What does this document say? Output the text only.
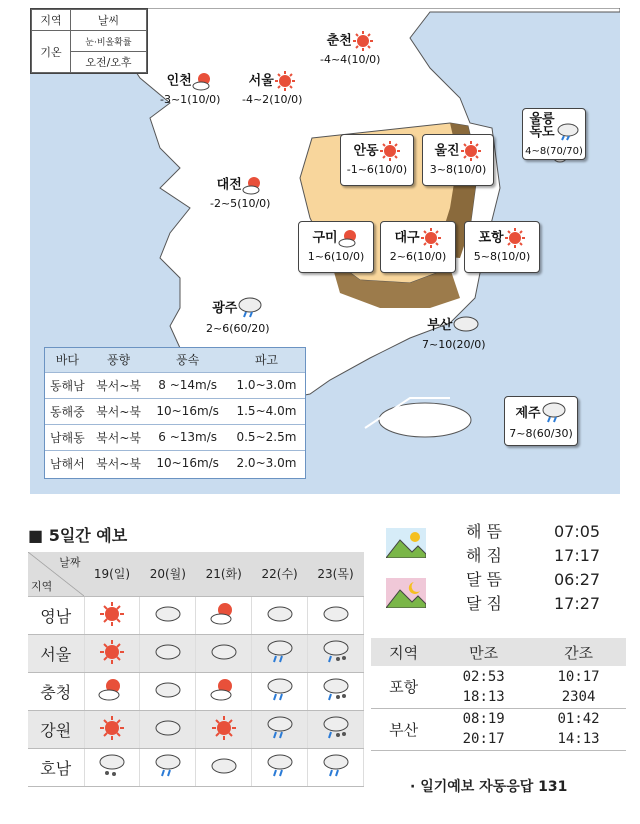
지역	날씨
기온	눈·비올확률
	오전/오후
춘천
-4~4(10/0)
인천
-3~1(10/0)
서울
-4~2(10/0)
울릉독도
4~8(70/70)
안동
-1~6(10/0)
울진
3~8(10/0)
대전
-2~5(10/0)
구미
1~6(10/0)
대구
2~6(10/0)
포항
5~8(10/0)
광주
2~6(60/20)	부산
7~10(20/0)
제주
7~8(60/30)
바다	풍향	풍속	파고
동해남	북서~북	8 ~14m/s	1.0~3.0m
동해중	북서~북	10~16m/s	1.5~4.0m
남해동	북서~북	6 ~13m/s	0.5~2.5m
남해서	북서~북	10~16m/s	2.0~3.0m
■ 5일간 예보
날짜
지역	19(일)	20(월)	21(화)	22(수)	23(목)
영남					
서울					
충청					
강원					
호남					
해 뜸	07:05
해 짐	17:17
달 뜸	06:27
달 짐	17:27
지역	만조	간조
포항	02:53	10:17
	18:13	2304
부산	08:19	01:42
	20:17	14:13
· 일기예보 자동응답 131
